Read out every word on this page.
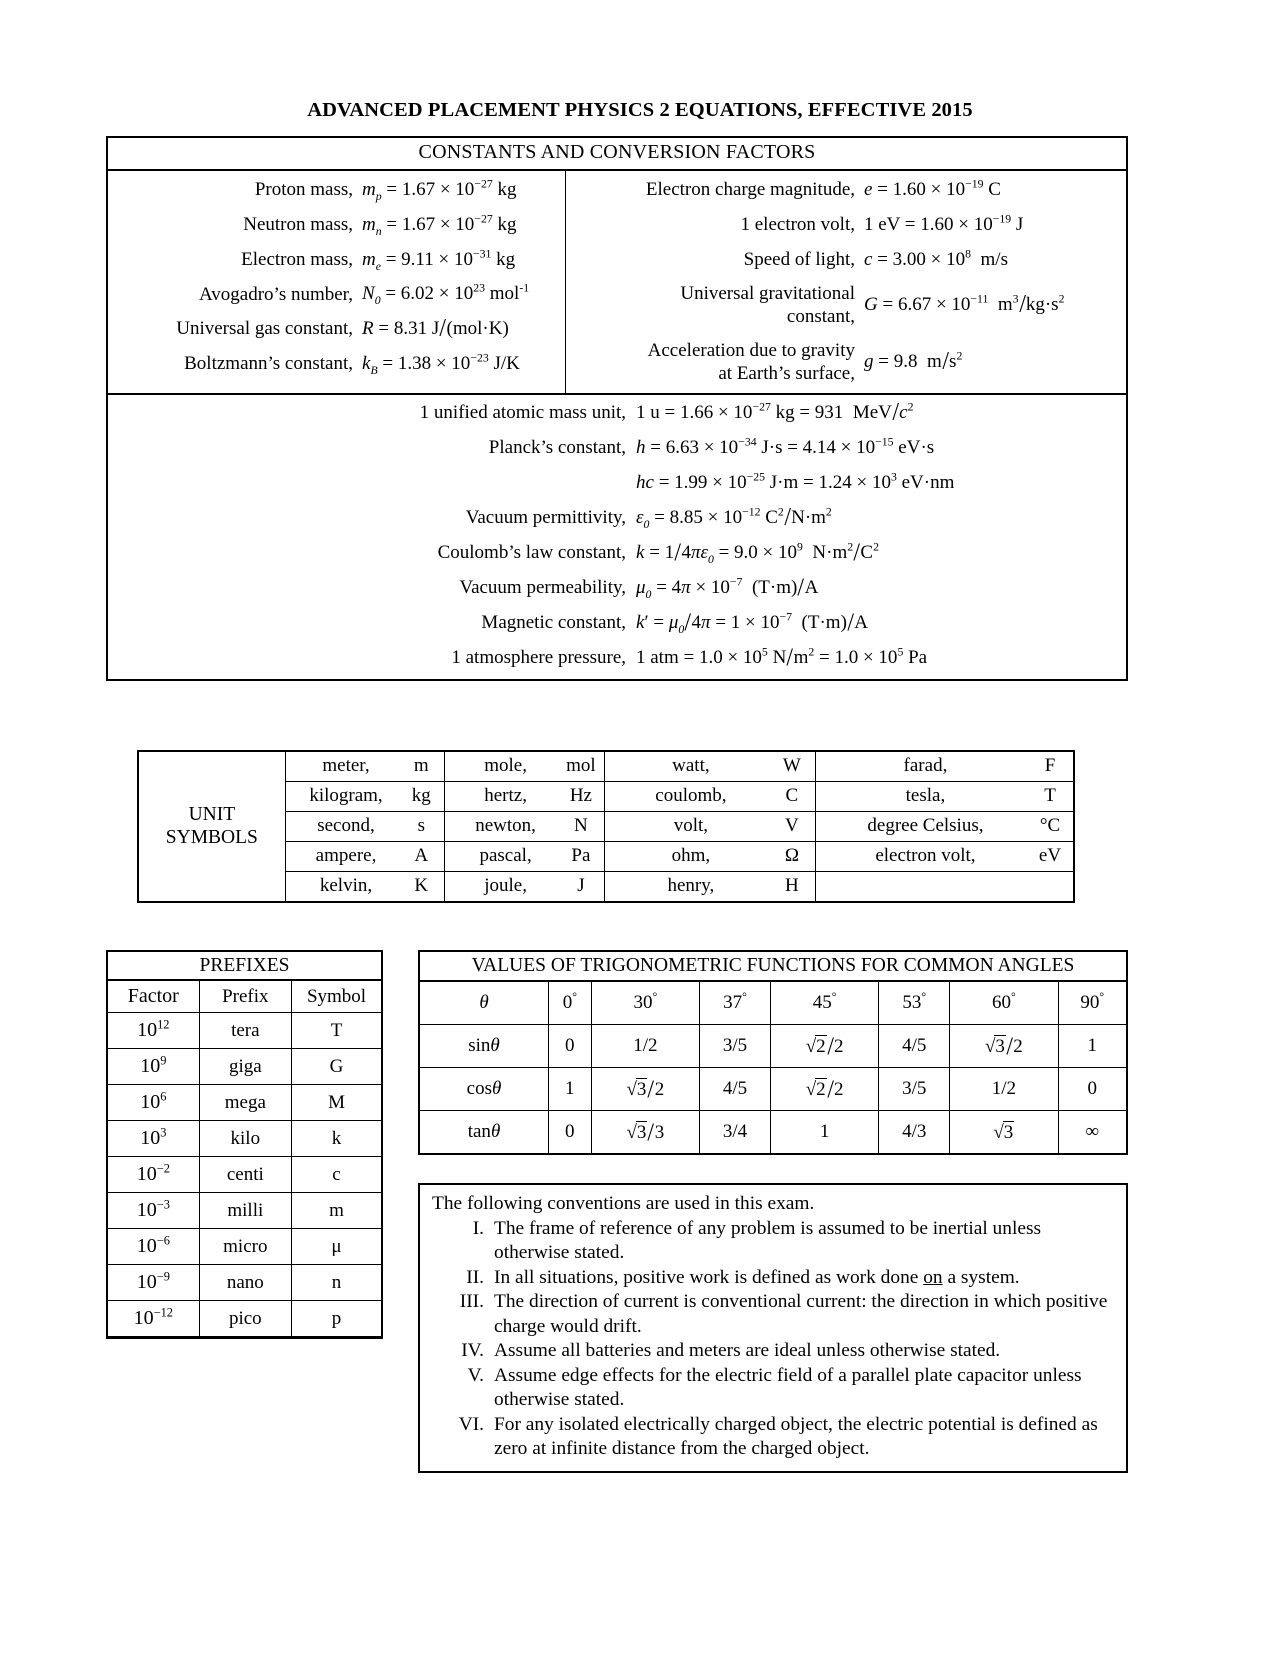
ADVANCED PLACEMENT PHYSICS 2 EQUATIONS, EFFECTIVE 2015
CONSTANTS AND CONVERSION FACTORS
Proton mass, $m_p = 1.67 \times 10^{-27}$ kg
Neutron mass, $m_n = 1.67 \times 10^{-27}$ kg
Electron mass, $m_e = 9.11 \times 10^{-31}$ kg
Avogadro’s number, $N_0 = 6.02 \times 10^{23}$ mol$^{-1}$
Universal gas constant, R = 8.31 J/(mol·K)
Boltzmann’s constant, $k_B = 1.38 \times 10^{-23}$ J/K
Electron charge magnitude, $e = 1.60 \times 10^{-19}$ C
1 electron volt, 1 eV = $1.60 \times 10^{-19}$ J
Speed of light, $c = 3.00 \times 10^8$  m/s
Universal gravitational
constant,
$G = 6.67 \times 10^{-11}$ $m^3/kg\cdot s^2$
Acceleration due to gravity
at Earth’s surface,
g = 9.8  $m/s^2$
1 unified atomic mass unit, 1 $u = 1.66 \times 10^{-27}$ kg = 931  MeV/$c^2$
Planck’s constant, $h = 6.63 \times 10^{-34}$ $J\cdot s = 4.14 \times 10^{-15}$ eV·s
hc = $1.99 \times 10^{-25}$ $J\cdot m = 1.24 \times 10^3$ eV·nm
Vacuum permittivity, $\varepsilon_0 = 8.85 \times 10^{-12}$ $C^2/N\cdot m^2$
Coulomb’s law constant, $k = 1/4\pi\varepsilon_0 = 9.0 \times 10^9$ $N\cdot m^2/C^2$
Vacuum permeability, $\mu_0 = 4\pi \times 10^{-7}$ (T·m)/A
Magnetic constant, $k' = \mu_0/4\pi = 1 \times 10^{-7}$ (T·m)/A
1 atmosphere pressure, 1 atm = $1.0 \times 10^5$ $N/m^2 = 1.0 \times 10^5$ Pa
UNIT
SYMBOLS

meter,	m	mole,	mol	watt,	W	farad,	F

	kilogram, kg	hertz, Hz	coulomb, C	tesla, T

	second, s	newton, N	volt, V	degree Celsius, °C

	ampere, A	pascal, Pa	ohm, Ω	electron volt, eV

	kelvin, K	joule, J	henry, H	

PREFIXES		
Factor	Prefix	Symbol
$10^{12}$	tera	T
$10^9$	giga	G
$10^6$	mega	M
$10^3$	kilo	k
$10^{-2}$	centi	c
$10^{-3}$	milli	m
$10^{-6}$	micro	μ
$10^{-9}$	nano	n
$10^{-12}$	pico	p
VALUES OF TRIGONOMETRIC FUNCTIONS FOR COMMON ANGLES							
θ	0°	30°	37°	45°	53°	60°	90°
sinθ	0	1/2	3/5	√2/2	4/5	√3/2	1
cosθ	1	√3/2	4/5	√2/2	3/5	1/2	0
tanθ	0	√3/3	3/4	1	4/3	√3	∞
The following conventions are used in this exam.
I. The frame of reference of any problem is assumed to be inertial unless otherwise stated.
II. In all situations, positive work is defined as work done on a system.
III. The direction of current is conventional current: the direction in which positive charge would drift.
IV. Assume all batteries and meters are ideal unless otherwise stated.
V. Assume edge effects for the electric field of a parallel plate capacitor unless otherwise stated.
VI. For any isolated electrically charged object, the electric potential is defined as zero at infinite distance from the charged object.
